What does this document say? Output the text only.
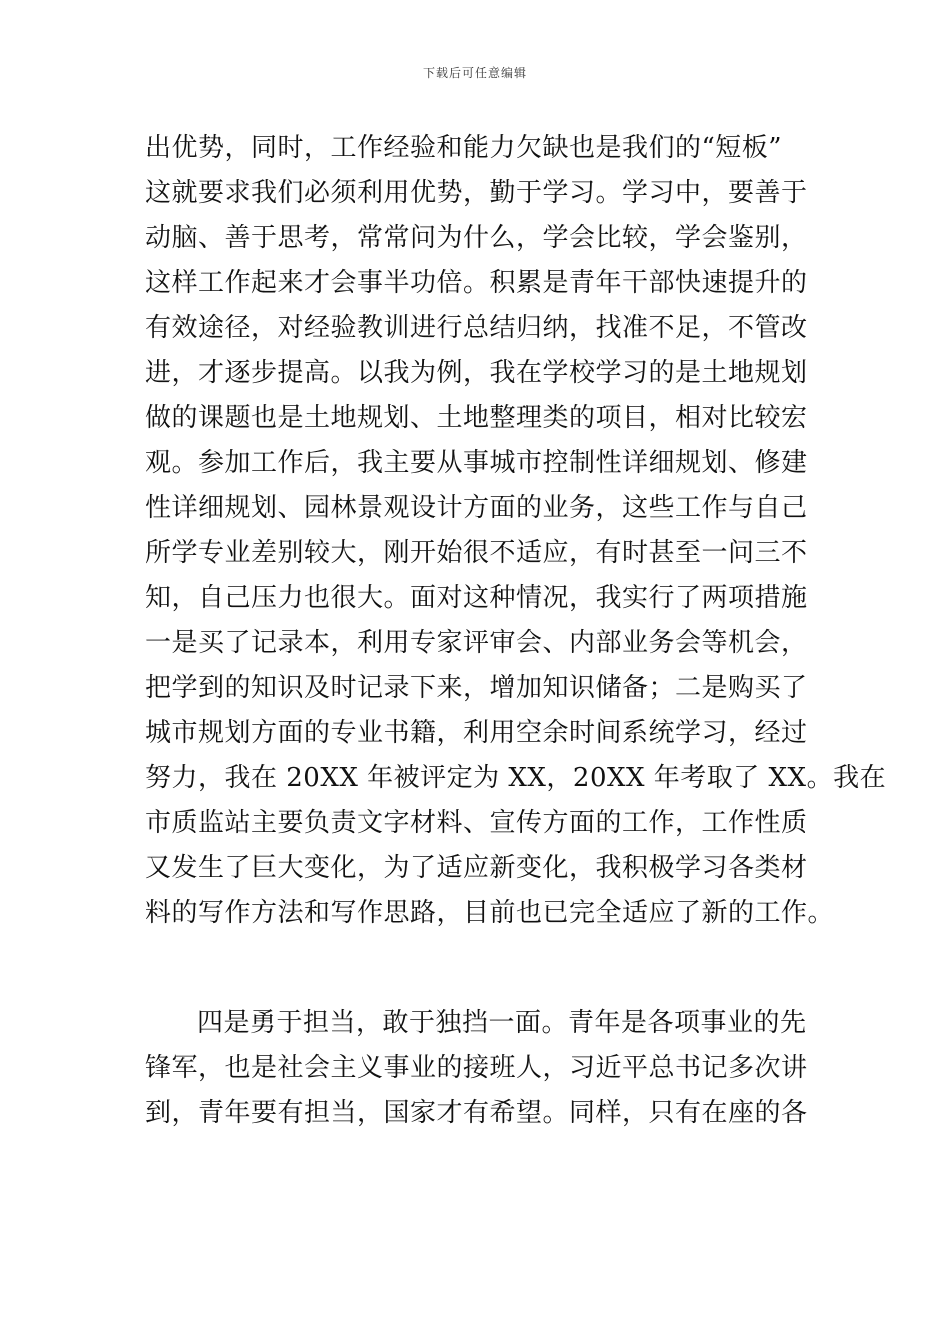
下载后可任意编辑
出优势，同时，工作经验和能力欠缺也是我们的“短板”
这就要求我们必须利用优势，勤于学习。学习中，要善于
动脑、善于思考，常常问为什么，学会比较，学会鉴别，
这样工作起来才会事半功倍。积累是青年干部快速提升的
有效途径，对经验教训进行总结归纳，找准不足，不管改
进，才逐步提高。以我为例，我在学校学习的是土地规划
做的课题也是土地规划、土地整理类的项目，相对比较宏
观。参加工作后，我主要从事城市控制性详细规划、修建
性详细规划、园林景观设计方面的业务，这些工作与自己
所学专业差别较大，刚开始很不适应，有时甚至一问三不
知，自己压力也很大。面对这种情况，我实行了两项措施
一是买了记录本，利用专家评审会、内部业务会等机会，
把学到的知识及时记录下来，增加知识储备；二是购买了
城市规划方面的专业书籍，利用空余时间系统学习，经过
努力，我在 20XX 年被评定为 XX，20XX 年考取了 XX。我在
市质监站主要负责文字材料、宣传方面的工作，工作性质
又发生了巨大变化，为了适应新变化，我积极学习各类材
料的写作方法和写作思路，目前也已完全适应了新的工作。
四是勇于担当，敢于独挡一面。青年是各项事业的先
锋军，也是社会主义事业的接班人，习近平总书记多次讲
到，青年要有担当，国家才有希望。同样，只有在座的各
